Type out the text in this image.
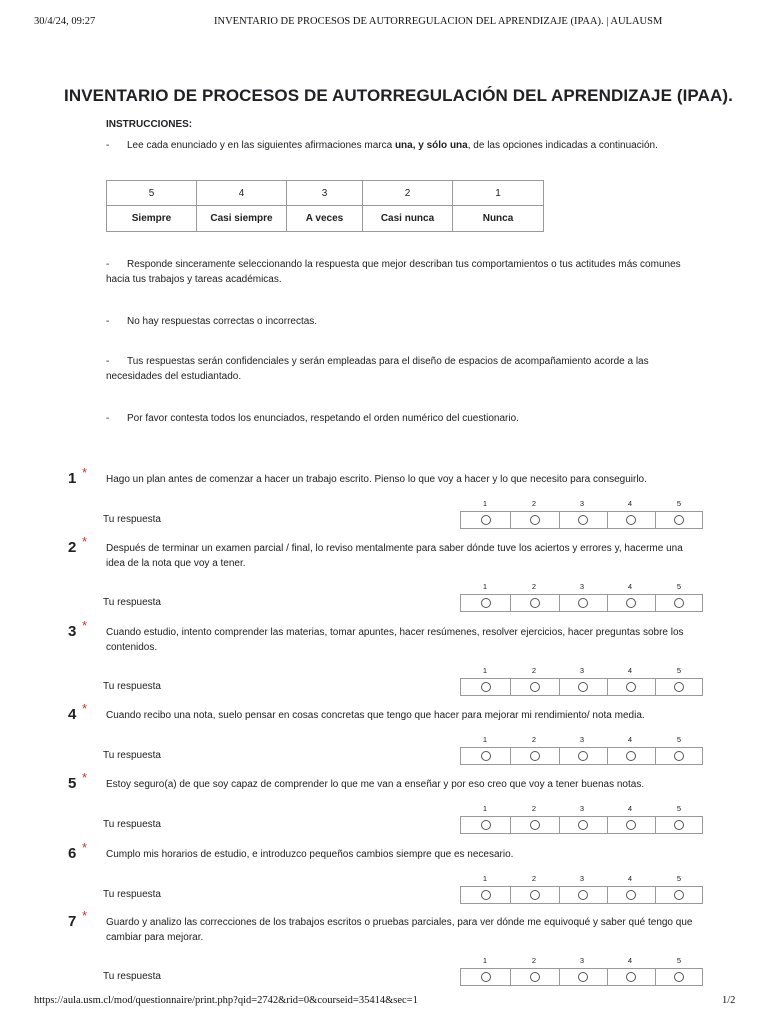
30/4/24, 09:27	INVENTARIO DE PROCESOS DE AUTORREGULACION DEL APRENDIZAJE (IPAA). | AULAUSM
INVENTARIO DE PROCESOS DE AUTORREGULACIÓN DEL APRENDIZAJE (IPAA).
INSTRUCCIONES:
- Lee cada enunciado y en las siguientes afirmaciones marca una, y sólo una, de las opciones indicadas a continuación.
5	4	3	2	1
Siempre	Casi siempre	A veces	Casi nunca	Nunca
- Responde sinceramente seleccionando la respuesta que mejor describan tus comportamientos o tus actitudes más comunes hacia tus trabajos y tareas académicas.
- No hay respuestas correctas o incorrectas.
- Tus respuestas serán confidenciales y serán empleadas para el diseño de espacios de acompañamiento acorde a las necesidades del estudiantado.
- Por favor contesta todos los enunciados, respetando el orden numérico del cuestionario.
1 * Hago un plan antes de comenzar a hacer un trabajo escrito. Pienso lo que voy a hacer y lo que necesito para conseguirlo.
Tu respuesta
1	2	3	4	5
2 * Después de terminar un examen parcial / final, lo reviso mentalmente para saber dónde tuve los aciertos y errores y, hacerme una idea de la nota que voy a tener.
Tu respuesta
1	2	3	4	5
3 * Cuando estudio, intento comprender las materias, tomar apuntes, hacer resúmenes, resolver ejercicios, hacer preguntas sobre los contenidos.
Tu respuesta
1	2	3	4	5
4 * Cuando recibo una nota, suelo pensar en cosas concretas que tengo que hacer para mejorar mi rendimiento/ nota media.
Tu respuesta
1	2	3	4	5
5 * Estoy seguro(a) de que soy capaz de comprender lo que me van a enseñar y por eso creo que voy a tener buenas notas.
Tu respuesta
1	2	3	4	5
6 * Cumplo mis horarios de estudio, e introduzco pequeños cambios siempre que es necesario.
Tu respuesta
1	2	3	4	5
7 * Guardo y analizo las correcciones de los trabajos escritos o pruebas parciales, para ver dónde me equivoqué y saber qué tengo que cambiar para mejorar.
Tu respuesta
1	2	3	4	5
https://aula.usm.cl/mod/questionnaire/print.php?qid=2742&rid=0&courseid=35414&sec=1	1/2
